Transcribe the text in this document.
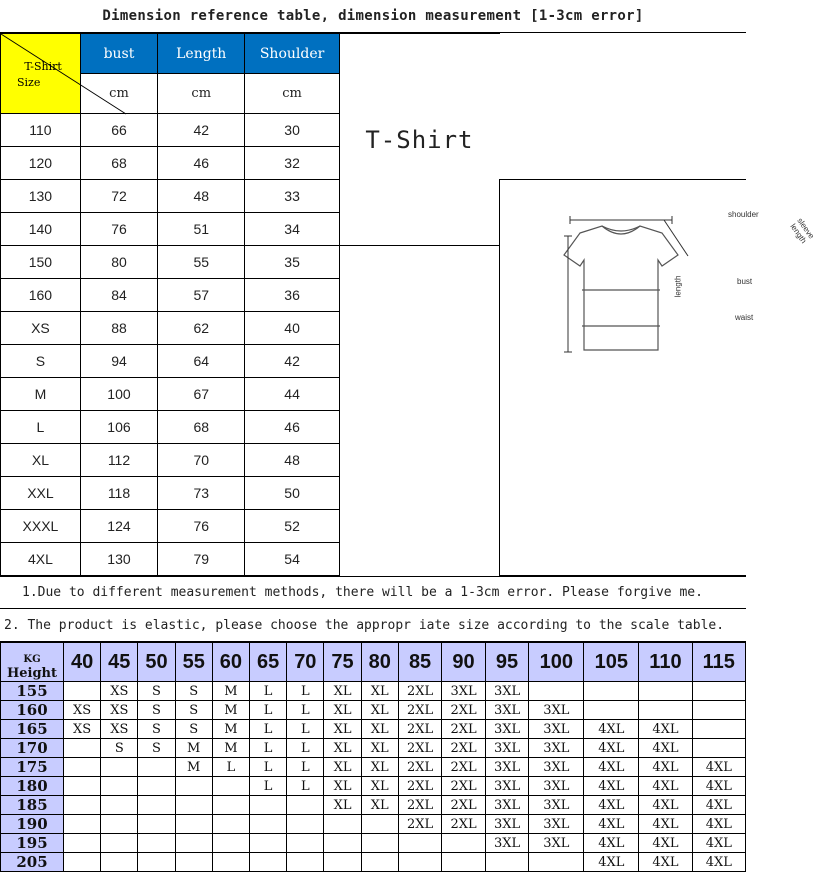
Dimension reference table, dimension measurement [1-3cm error]
T-Shirt
Size	bust	Length	Shoulder	T-Shirt	
	cm	cm	cm		
110	66	42	30		
120	68	46	32		
130	72	48	33		shoulder
sleeve length
bust
waist
length

140	76	51	34		
150	80	55	35		
160	84	57	36		
XS	88	62	40		
S	94	64	42		
M	100	67	44		
L	106	68	46		
XL	112	70	48		
XXL	118	73	50		
XXXL	124	76	52		
4XL	130	79	54		
1.Due to different measurement methods, there will be a 1-3cm error. Please forgive me.
2. The product is elastic, please choose the appropr iate size according to the scale table.
KG
Height	40	45	50	55	60	65	70	75	80	85	90	95	100	105	110	115
155		XS	S	S	M	L	L	XL	XL	2XL	3XL	3XL				
160	XS	XS	S	S	M	L	L	XL	XL	2XL	2XL	3XL	3XL			
165	XS	XS	S	S	M	L	L	XL	XL	2XL	2XL	3XL	3XL	4XL	4XL	
170		S	S	M	M	L	L	XL	XL	2XL	2XL	3XL	3XL	4XL	4XL	
175				M	L	L	L	XL	XL	2XL	2XL	3XL	3XL	4XL	4XL	4XL
180						L	L	XL	XL	2XL	2XL	3XL	3XL	4XL	4XL	4XL
185								XL	XL	2XL	2XL	3XL	3XL	4XL	4XL	4XL
190										2XL	2XL	3XL	3XL	4XL	4XL	4XL
195												3XL	3XL	4XL	4XL	4XL
205														4XL	4XL	4XL
